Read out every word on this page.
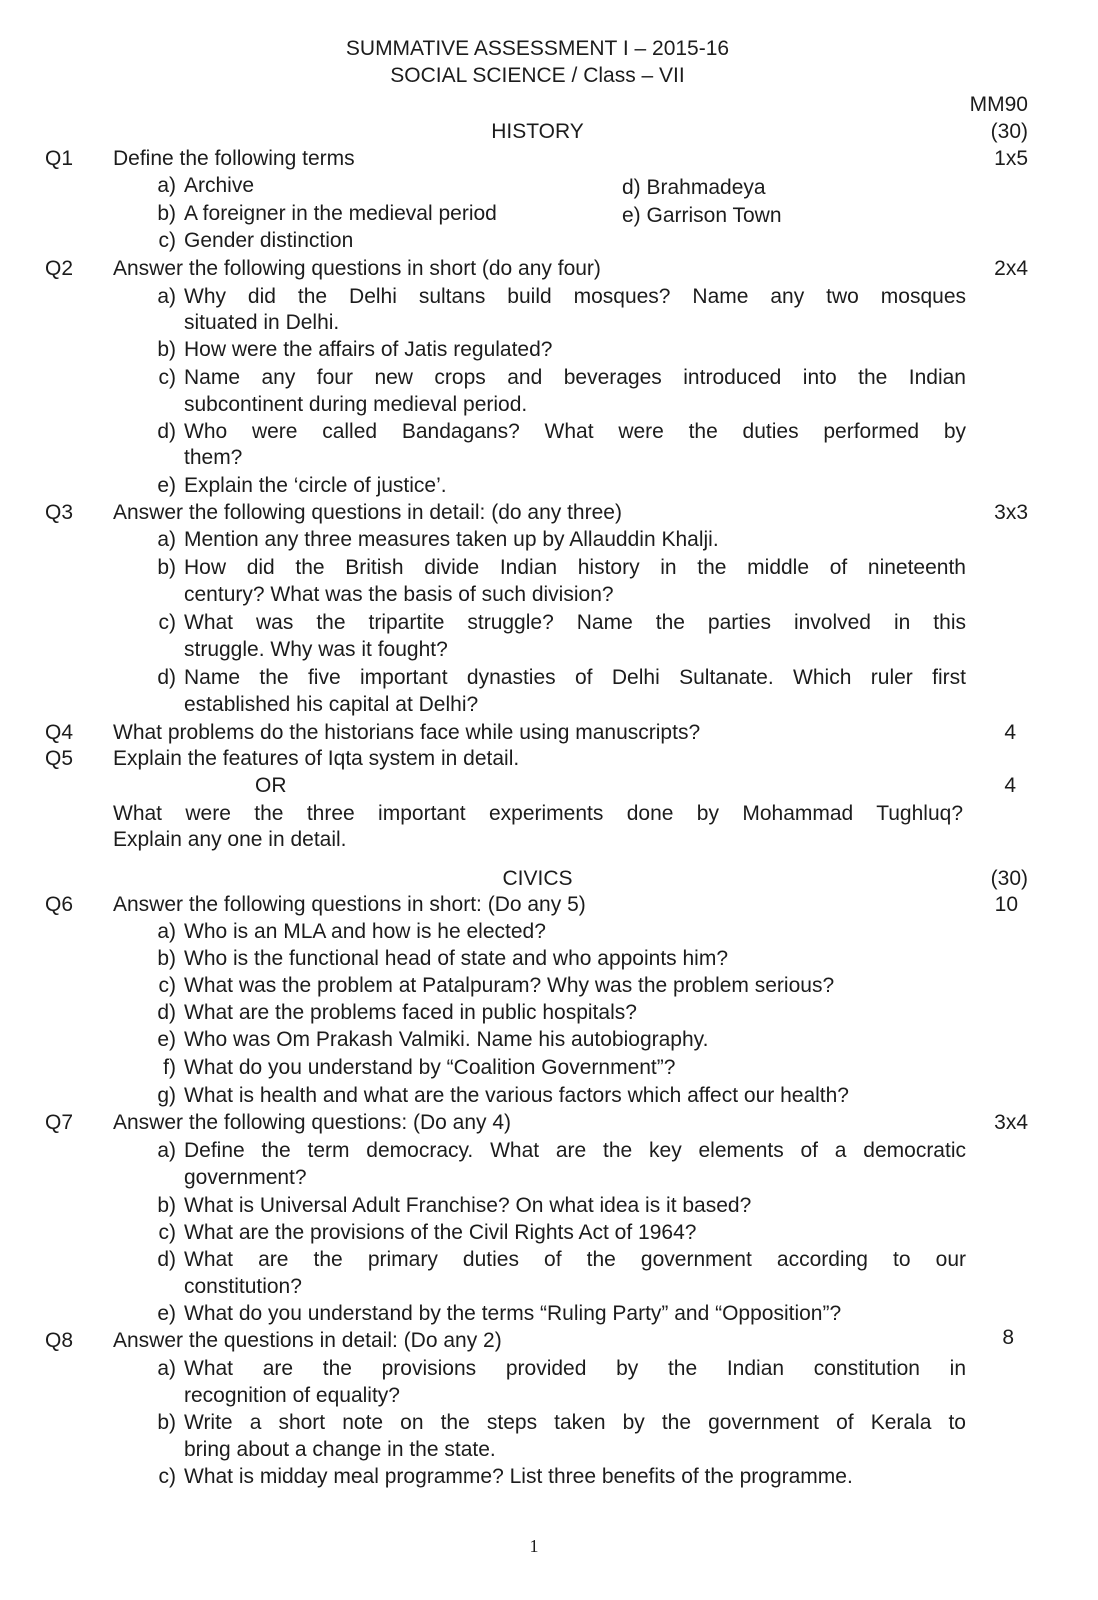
SUMMATIVE ASSESSMENT I – 2015-16
SOCIAL SCIENCE / Class – VII
MM90
HISTORY	(30)
Q1 Define the following terms	1x5
a) Archive	d) Brahmadeya
b) A foreigner in the medieval period	e) Garrison Town
c) Gender distinction
Q2 Answer the following questions in short (do any four)	2x4
a) Why did the Delhi sultans build mosques? Name any two mosques
situated in Delhi.
b) How were the affairs of Jatis regulated?
c) Name any four new crops and beverages introduced into the Indian
subcontinent during medieval period.
d) Who were called Bandagans? What were the duties performed by
them?
e) Explain the ‘circle of justice’.
Q3 Answer the following questions in detail: (do any three)	3x3
a) Mention any three measures taken up by Allauddin Khalji.
b) How did the British divide Indian history in the middle of nineteenth
century? What was the basis of such division?
c) What was the tripartite struggle? Name the parties involved in this
struggle. Why was it fought?
d) Name the five important dynasties of Delhi Sultanate. Which ruler first
established his capital at Delhi?
Q4 What problems do the historians face while using manuscripts?	4
Q5 Explain the features of Iqta system in detail.
OR	4
What were the three important experiments done by Mohammad Tughluq?
Explain any one in detail.
CIVICS	(30)
Q6 Answer the following questions in short: (Do any 5)	10
a) Who is an MLA and how is he elected?
b) Who is the functional head of state and who appoints him?
c) What was the problem at Patalpuram? Why was the problem serious?
d) What are the problems faced in public hospitals?
e) Who was Om Prakash Valmiki. Name his autobiography.
f) What do you understand by “Coalition Government”?
g) What is health and what are the various factors which affect our health?
Q7 Answer the following questions: (Do any 4)	3x4
a) Define the term democracy. What are the key elements of a democratic
government?
b) What is Universal Adult Franchise? On what idea is it based?
c) What are the provisions of the Civil Rights Act of 1964?
d) What are the primary duties of the government according to our
constitution?
e) What do you understand by the terms “Ruling Party” and “Opposition”?
Q8 Answer the questions in detail: (Do any 2)	8
a) What are the provisions provided by the Indian constitution in
recognition of equality?
b) Write a short note on the steps taken by the government of Kerala to
bring about a change in the state.
c) What is midday meal programme? List three benefits of the programme.
1
